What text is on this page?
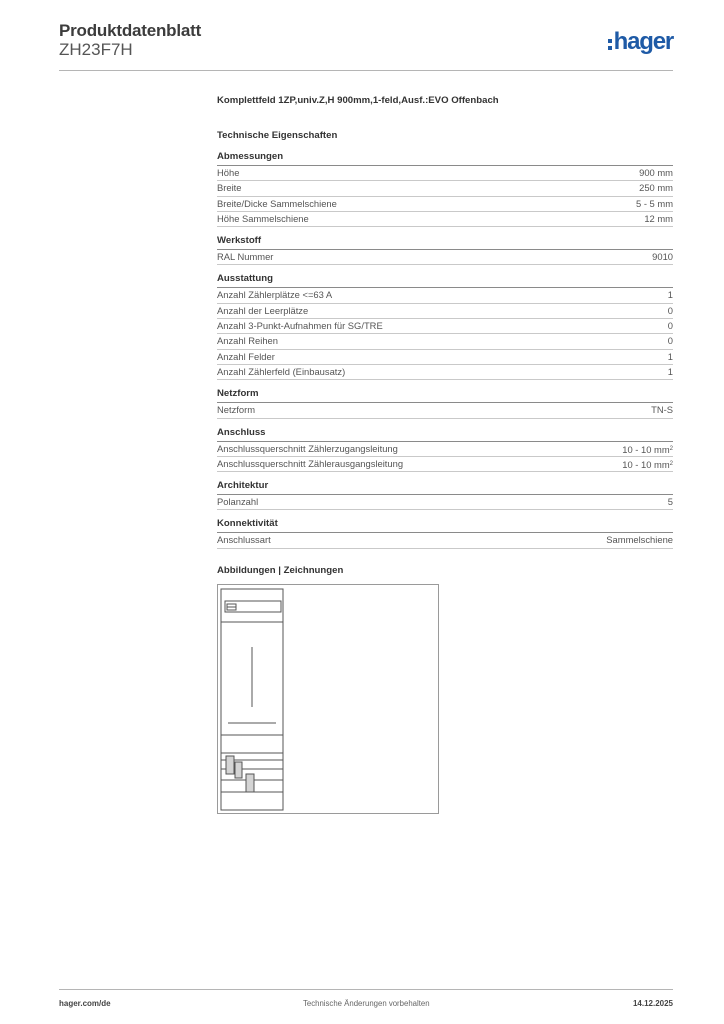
Produktdatenblatt
ZH23F7H	hager
Komplettfeld 1ZP,univ.Z,H 900mm,1-feld,Ausf.:EVO Offenbach
Technische Eigenschaften
Abmessungen
Höhe	900 mm
Breite	250 mm
Breite/Dicke Sammelschiene	5 - 5 mm
Höhe Sammelschiene	12 mm
Werkstoff
RAL Nummer	9010
Ausstattung
Anzahl Zählerplätze <=63 A	1
Anzahl der Leerplätze	0
Anzahl 3-Punkt-Aufnahmen für SG/TRE	0
Anzahl Reihen	0
Anzahl Felder	1
Anzahl Zählerfeld (Einbausatz)	1
Netzform
Netzform	TN-S
Anschluss
Anschlussquerschnitt Zählerzugangsleitung	10 - 10 $mm^2$
Anschlussquerschnitt Zählerausgangsleitung	10 - 10 $mm^2$
Architektur
Polanzahl	5
Konnektivität
Anschlussart	Sammelschiene
Abbildungen | Zeichnungen
hager.com/de	Technische Änderungen vorbehalten	14.12.2025
